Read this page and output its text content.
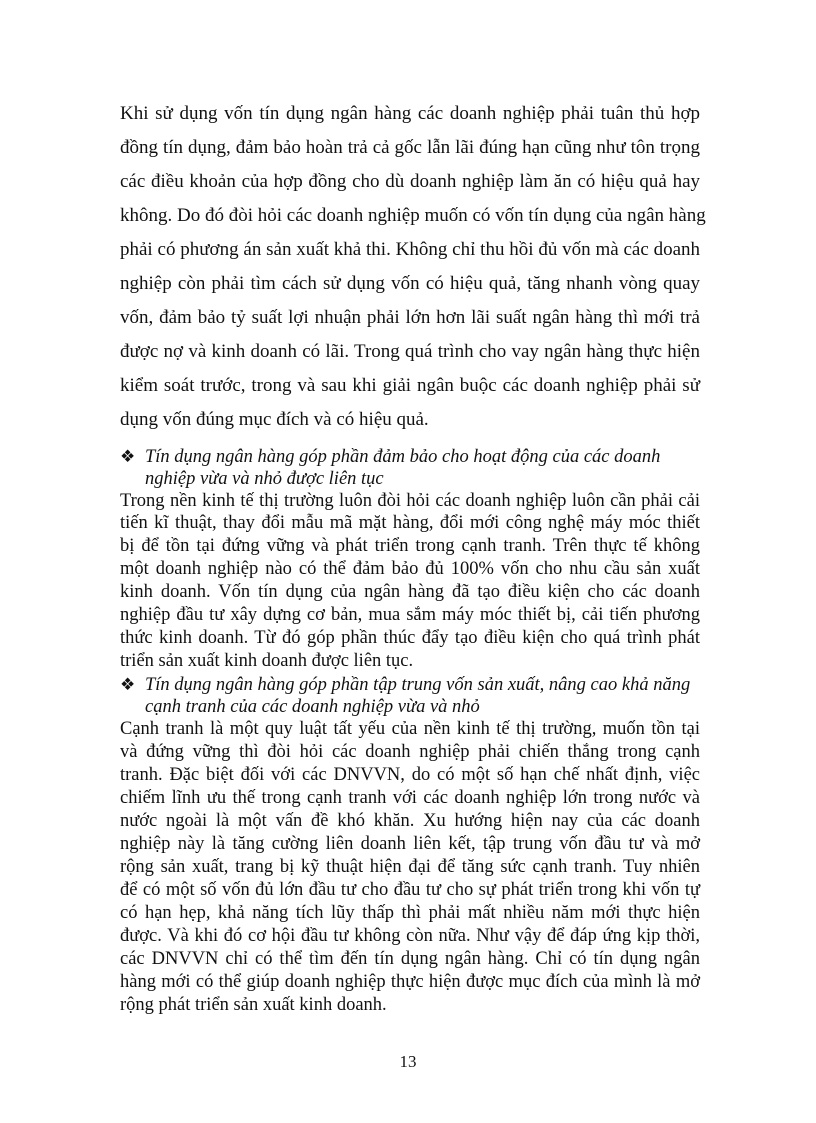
Khi sử dụng vốn tín dụng ngân hàng các doanh nghiệp phải tuân thủ hợp
đồng tín dụng, đảm bảo hoàn trả cả gốc lẫn lãi đúng hạn cũng như tôn trọng
các điều khoản của hợp đồng cho dù doanh nghiệp làm ăn có hiệu quả hay
không. Do đó đòi hỏi các doanh nghiệp muốn có vốn tín dụng của ngân hàng
phải có phương án sản xuất khả thi. Không chỉ thu hồi đủ vốn mà các doanh
nghiệp còn phải tìm cách sử dụng vốn có hiệu quả, tăng nhanh vòng quay
vốn, đảm bảo tỷ suất lợi nhuận phải lớn hơn lãi suất ngân hàng thì mới trả
được nợ và kinh doanh có lãi. Trong quá trình cho vay ngân hàng thực hiện
kiểm soát trước, trong và sau khi giải ngân buộc các doanh nghiệp phải sử
dụng vốn đúng mục đích và có hiệu quả.
❖ Tín dụng ngân hàng góp phần đảm bảo cho hoạt động của các doanh
nghiệp vừa và nhỏ được liên tục
Trong nền kinh tế thị trường luôn đòi hỏi các doanh nghiệp luôn cần phải cải
tiến kĩ thuật, thay đổi mẫu mã mặt hàng, đổi mới công nghệ máy móc thiết
bị để tồn tại đứng vững và phát triển trong cạnh tranh. Trên thực tế không
một doanh nghiệp nào có thể đảm bảo đủ 100% vốn cho nhu cầu sản xuất
kinh doanh. Vốn tín dụng của ngân hàng đã tạo điều kiện cho các doanh
nghiệp đầu tư xây dựng cơ bản, mua sắm máy móc thiết bị, cải tiến phương
thức kinh doanh. Từ đó góp phần thúc đẩy tạo điều kiện cho quá trình phát
triển sản xuất kinh doanh được liên tục.
❖ Tín dụng ngân hàng góp phần tập trung vốn sản xuất, nâng cao khả năng
cạnh tranh của các doanh nghiệp vừa và nhỏ
Cạnh tranh là một quy luật tất yếu của nền kinh tế thị trường, muốn tồn tại
và đứng vững thì đòi hỏi các doanh nghiệp phải chiến thắng trong cạnh
tranh. Đặc biệt đối với các DNVVN, do có một số hạn chế nhất định, việc
chiếm lĩnh ưu thế trong cạnh tranh với các doanh nghiệp lớn trong nước và
nước ngoài là một vấn đề khó khăn. Xu hướng hiện nay của các doanh
nghiệp này là tăng cường liên doanh liên kết, tập trung vốn đầu tư và mở
rộng sản xuất, trang bị kỹ thuật hiện đại để tăng sức cạnh tranh. Tuy nhiên
để có một số vốn đủ lớn đầu tư cho đầu tư cho sự phát triển trong khi vốn tự
có hạn hẹp, khả năng tích lũy thấp thì phải mất nhiều năm mới thực hiện
được. Và khi đó cơ hội đầu tư không còn nữa. Như vậy để đáp ứng kịp thời,
các DNVVN chỉ có thể tìm đến tín dụng ngân hàng. Chỉ có tín dụng ngân
hàng mới có thể giúp doanh nghiệp thực hiện được mục đích của mình là mở
rộng phát triển sản xuất kinh doanh.
13
